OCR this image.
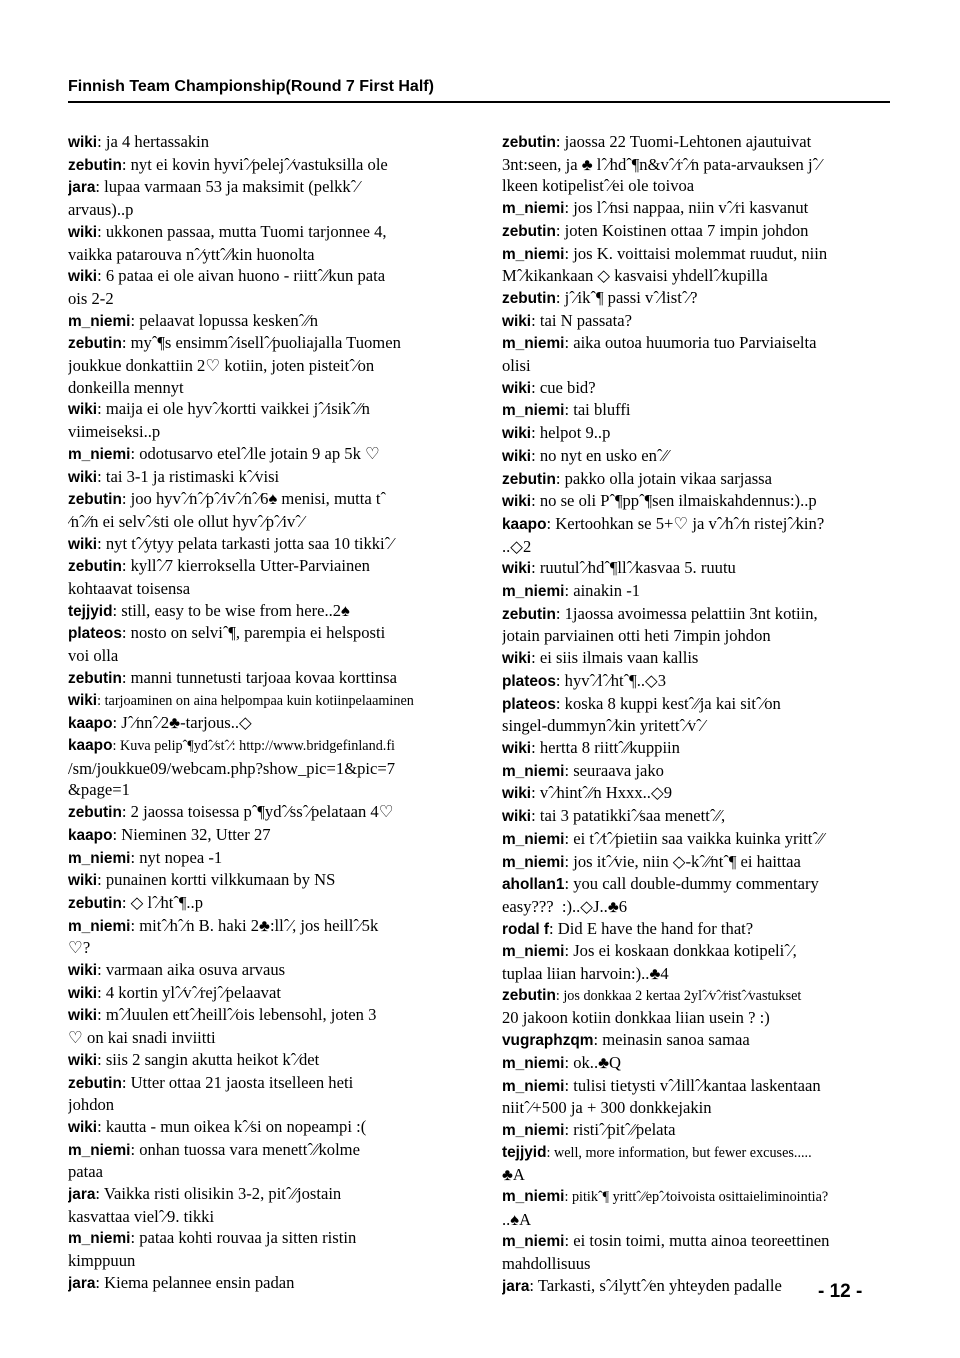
Finnish Team Championship(Round 7 First Half)
wiki: ja 4 hertassakin
zebutin: nyt ei kovin hyviˆ⁄pelejˆ⁄vastuksilla ole
jara: lupaa varmaan 53 ja maksimit (pelkkˆ⁄
arvaus)..p
wiki: ukkonen passaa, mutta Tuomi tarjonnee 4,
vaikka patarouva nˆ⁄yttˆ⁄⁄kin huonolta
wiki: 6 pataa ei ole aivan huono - riittˆ⁄⁄kun pata
ois 2-2
m_niemi: pelaavat lopussa keskenˆ⁄⁄n
zebutin: myˆ¶s ensimmˆ⁄isellˆ⁄puoliajalla Tuomen
joukkue donkattiin 2♡ kotiin, joten pisteitˆ⁄on
donkeilla mennyt
wiki: maija ei ole hyvˆ⁄kortti vaikkei jˆ⁄isikˆ⁄⁄n
viimeiseksi..p
m_niemi: odotusarvo etelˆ⁄lle jotain 9 ap 5k ♡
wiki: tai 3-1 ja ristimaski kˆ⁄visi
zebutin: joo hyvˆ⁄nˆ⁄pˆ⁄ivˆ⁄nˆ⁄6♠ menisi, mutta tˆ
⁄nˆ⁄⁄n ei selvˆ⁄sti ole ollut hyvˆ⁄pˆ⁄ivˆ⁄
wiki: nyt tˆ⁄ytyy pelata tarkasti jotta saa 10 tikkiˆ⁄
zebutin: kyllˆ⁄7 kierroksella Utter-Parviainen
kohtaavat toisensa
tejjyid: still, easy to be wise from here..2♠
plateos: nosto on selviˆ¶, parempia ei helsposti
voi olla
zebutin: manni tunnetusti tarjoaa kovaa korttinsa
wiki: tarjoaminen on aina helpompaa kuin kotiinpelaaminen
kaapo: Jˆ⁄nnˆ⁄2♣-tarjous..◇
kaapo: Kuva pelipˆ¶ydˆ⁄stˆ⁄: http://www.bridgefinland.fi
/sm/joukkue09/webcam.php?show_pic=1&pic=7
&page=1
zebutin: 2 jaossa toisessa pˆ¶ydˆ⁄ssˆ⁄pelataan 4♡
kaapo: Nieminen 32, Utter 27
m_niemi: nyt nopea -1
wiki: punainen kortti vilkkumaan by NS
zebutin: ◇ lˆ⁄htˆ¶..p
m_niemi: mitˆ⁄hˆ⁄n B. haki 2♣:llˆ⁄, jos heillˆ⁄5k
♡?
wiki: varmaan aika osuva arvaus
wiki: 4 kortin ylˆ⁄vˆ⁄rejˆ⁄pelaavat
wiki: mˆ⁄luulen ettˆ⁄heillˆ⁄ois lebensohl, joten 3
♡ on kai snadi inviitti
wiki: siis 2 sangin akutta heikot kˆ⁄det
zebutin: Utter ottaa 21 jaosta itselleen heti
johdon
wiki: kautta - mun oikea kˆ⁄si on nopeampi :(
m_niemi: onhan tuossa vara menettˆ⁄⁄kolme
pataa
jara: Vaikka risti olisikin 3-2, pitˆ⁄⁄jostain
kasvattaa vielˆ⁄9. tikki
m_niemi: pataa kohti rouvaa ja sitten ristin
kimppuun
jara: Kiema pelannee ensin padan
zebutin: jaossa 22 Tuomi-Lehtonen ajautuivat
3nt:seen, ja ♣ lˆ⁄hdˆ¶n&vˆ⁄rˆ⁄n pata-arvauksen jˆ⁄
lkeen kotipelistˆ⁄ei ole toivoa
m_niemi: jos lˆ⁄nsi nappaa, niin vˆ⁄ri kasvanut
zebutin: joten Koistinen ottaa 7 impin johdon
m_niemi: jos K. voittaisi molemmat ruudut, niin
Mˆ⁄kikankaan ◇ kasvaisi yhdellˆ⁄kupilla
zebutin: jˆ⁄ikˆ¶ passi vˆ⁄listˆ⁄?
wiki: tai N passata?
m_niemi: aika outoa huumoria tuo Parviaiselta
olisi
wiki: cue bid?
m_niemi: tai bluffi
wiki: helpot 9..p
wiki: no nyt en usko enˆ⁄⁄
zebutin: pakko olla jotain vikaa sarjassa
wiki: no se oli Pˆ¶ppˆ¶sen ilmaiskahdennus:)..p
kaapo: Kertoohkan se 5+♡ ja vˆ⁄hˆ⁄n ristejˆ⁄kin?
..◇2
wiki: ruutulˆ⁄hdˆ¶llˆ⁄kasvaa 5. ruutu
m_niemi: ainakin -1
zebutin: 1jaossa avoimessa pelattiin 3nt kotiin,
jotain parviainen otti heti 7impin johdon
wiki: ei siis ilmais vaan kallis
plateos: hyvˆ⁄lˆ⁄htˆ¶..◇3
plateos: koska 8 kuppi kestˆ⁄⁄ja kai sitˆ⁄on
singel-dummynˆ⁄kin yritettˆ⁄vˆ⁄
wiki: hertta 8 riittˆ⁄⁄kuppiin
m_niemi: seuraava jako
wiki: vˆ⁄hintˆ⁄⁄n Hxxx..◇9
wiki: tai 3 patatikkiˆ⁄saa menettˆ⁄⁄,
m_niemi: ei tˆ⁄tˆ⁄pietiin saa vaikka kuinka yrittˆ⁄⁄
m_niemi: jos itˆ⁄vie, niin ◇-kˆ⁄⁄ntˆ¶ ei haittaa
ahollan1: you call double-dummy commentary
easy???  :)..◇J..♣6
rodal f: Did E have the hand for that?
m_niemi: Jos ei koskaan donkkaa kotipeliˆ⁄,
tuplaa liian harvoin:)..♣4
zebutin: jos donkkaa 2 kertaa 2ylˆ⁄vˆ⁄ristˆ⁄vastukset
20 jakoon kotiin donkkaa liian usein ? :)
vugraphzqm: meinasin sanoa samaa
m_niemi: ok..♣Q
m_niemi: tulisi tietysti vˆ⁄lillˆ⁄kantaa laskentaan
niitˆ⁄+500 ja + 300 donkkejakin
m_niemi: ristiˆ⁄pitˆ⁄⁄pelata
tejjyid: well, more information, but fewer excuses.....
♣A
m_niemi: pitikˆ¶ yrittˆ⁄⁄epˆ⁄toivoista osittaieliminointia?
..♠A
m_niemi: ei tosin toimi, mutta ainoa teoreettinen
mahdollisuus
jara: Tarkasti, sˆ⁄ilyttˆ⁄en yhteyden padalle	- 12 -
